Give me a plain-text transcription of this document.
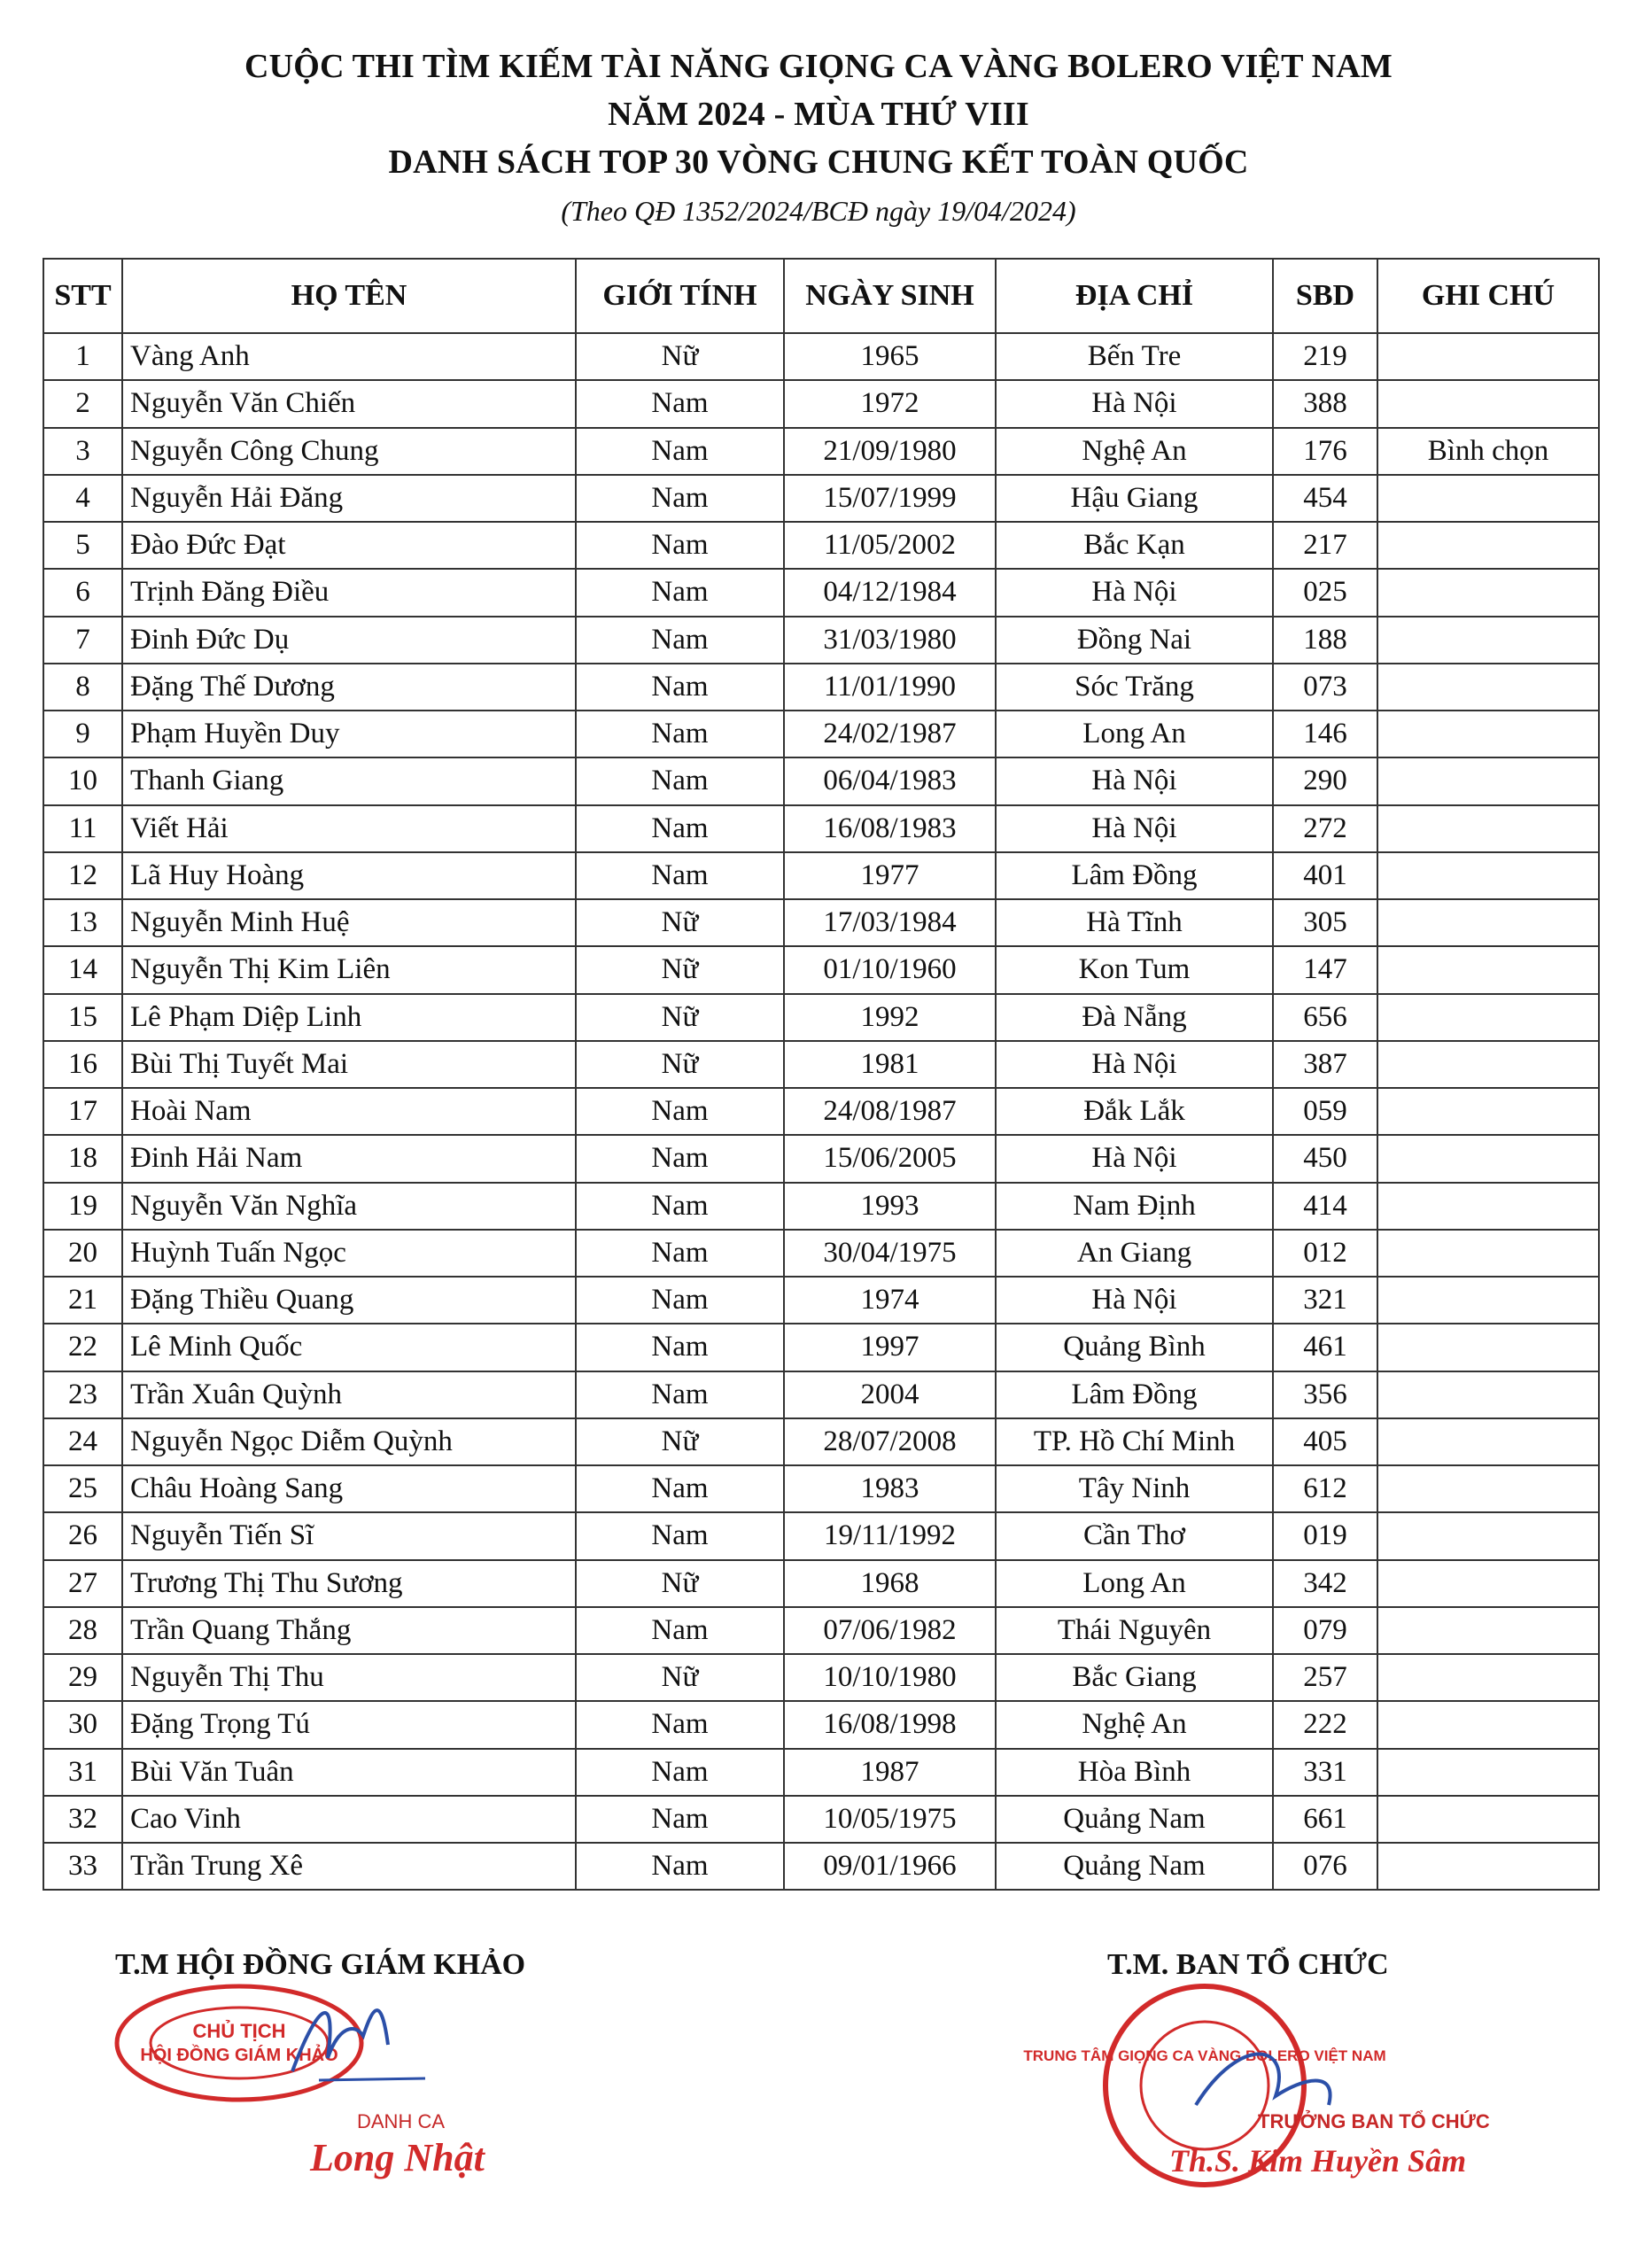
CUỘC THI TÌM KIẾM TÀI NĂNG GIỌNG CA VÀNG BOLERO VIỆT NAM
NĂM 2024 - MÙA THỨ VIII
DANH SÁCH TOP 30 VÒNG CHUNG KẾT TOÀN QUỐC
(Theo QĐ 1352/2024/BCĐ ngày 19/04/2024)
STT	HỌ TÊN	GIỚI TÍNH	NGÀY SINH	ĐỊA CHỈ	SBD	GHI CHÚ
1	Vàng Anh	Nữ	1965	Bến Tre	219	
2	Nguyễn Văn Chiến	Nam	1972	Hà Nội	388	
3	Nguyễn Công Chung	Nam	21/09/1980	Nghệ An	176	Bình chọn
4	Nguyễn Hải Đăng	Nam	15/07/1999	Hậu Giang	454	
5	Đào Đức Đạt	Nam	11/05/2002	Bắc Kạn	217	
6	Trịnh Đăng Điều	Nam	04/12/1984	Hà Nội	025	
7	Đinh Đức Dụ	Nam	31/03/1980	Đồng Nai	188	
8	Đặng Thế Dương	Nam	11/01/1990	Sóc Trăng	073	
9	Phạm Huyền Duy	Nam	24/02/1987	Long An	146	
10	Thanh Giang	Nam	06/04/1983	Hà Nội	290	
11	Viết Hải	Nam	16/08/1983	Hà Nội	272	
12	Lã Huy Hoàng	Nam	1977	Lâm Đồng	401	
13	Nguyễn Minh Huệ	Nữ	17/03/1984	Hà Tĩnh	305	
14	Nguyễn Thị Kim Liên	Nữ	01/10/1960	Kon Tum	147	
15	Lê Phạm Diệp Linh	Nữ	1992	Đà Nẵng	656	
16	Bùi Thị Tuyết Mai	Nữ	1981	Hà Nội	387	
17	Hoài Nam	Nam	24/08/1987	Đắk Lắk	059	
18	Đinh Hải Nam	Nam	15/06/2005	Hà Nội	450	
19	Nguyễn Văn Nghĩa	Nam	1993	Nam Định	414	
20	Huỳnh Tuấn Ngọc	Nam	30/04/1975	An Giang	012	
21	Đặng Thiều Quang	Nam	1974	Hà Nội	321	
22	Lê Minh Quốc	Nam	1997	Quảng Bình	461	
23	Trần Xuân Quỳnh	Nam	2004	Lâm Đồng	356	
24	Nguyễn Ngọc Diễm Quỳnh	Nữ	28/07/2008	TP. Hồ Chí Minh	405	
25	Châu Hoàng Sang	Nam	1983	Tây Ninh	612	
26	Nguyễn Tiến Sĩ	Nam	19/11/1992	Cần Thơ	019	
27	Trương Thị Thu Sương	Nữ	1968	Long An	342	
28	Trần Quang Thắng	Nam	07/06/1982	Thái Nguyên	079	
29	Nguyễn Thị Thu	Nữ	10/10/1980	Bắc Giang	257	
30	Đặng Trọng Tú	Nam	16/08/1998	Nghệ An	222	
31	Bùi Văn Tuân	Nam	1987	Hòa Bình	331	
32	Cao Vinh	Nam	10/05/1975	Quảng Nam	661	
33	Trần Trung Xê	Nam	09/01/1966	Quảng Nam	076	
T.M HỘI ĐỒNG GIÁM KHẢO
CHỦ TỊCH
HỘI ĐỒNG GIÁM KHẢO
DANH CA
Long Nhật
T.M. BAN TỔ CHỨC
TRUNG TÂM GIỌNG CA VÀNG BOLERO VIỆT NAM
TRƯỞNG BAN TỔ CHỨC
Th.S. Kim Huyền Sâm
